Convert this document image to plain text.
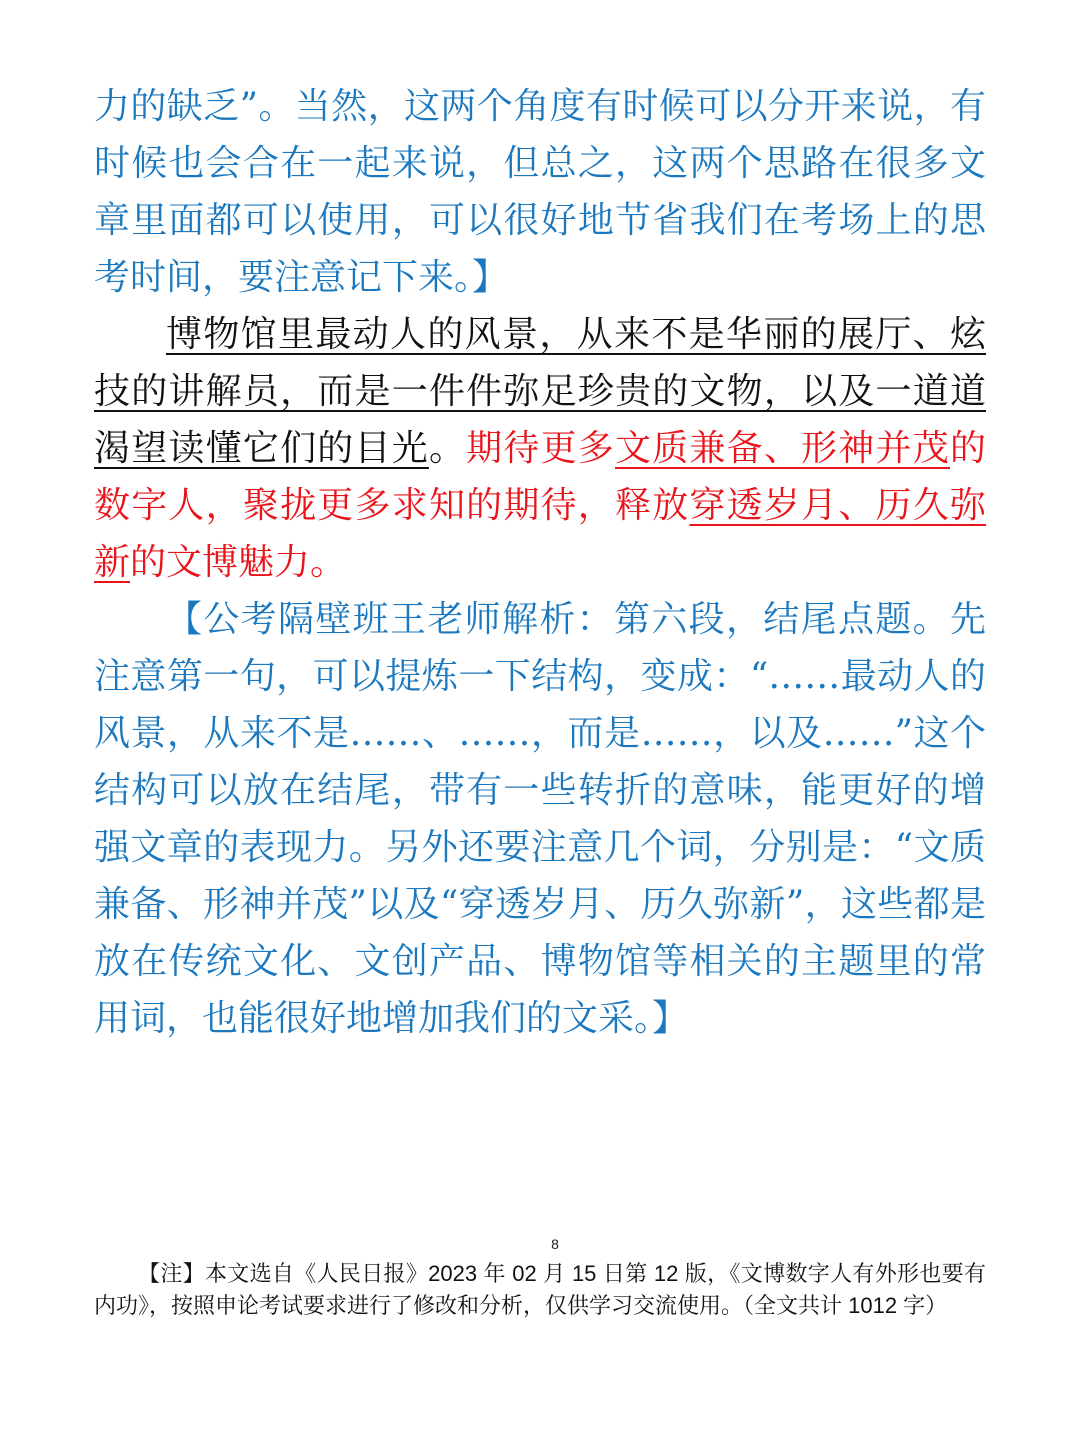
力的缺乏”。当然，这两个角度有时候可以分开来说，有时候也会合在一起来说，但总之，这两个思路在很多文章里面都可以使用，可以很好地节省我们在考场上的思考时间，要注意记下来。】

博物馆里最动人的风景，从来不是华丽的展厅、炫技的讲解员，而是一件件弥足珍贵的文物，以及一道道渴望读懂它们的目光。期待更多文质兼备、形神并茂的数字人，聚拢更多求知的期待，释放穿透岁月、历久弥新的文博魅力。

【公考隔壁班王老师解析：第六段，结尾点题。先注意第一句，可以提炼一下结构，变成：“……最动人的风景，从来不是……、……，而是……，以及……”这个结构可以放在结尾，带有一些转折的意味，能更好的增强文章的表现力。另外还要注意几个词，分别是：“文质兼备、形神并茂”以及“穿透岁月、历久弥新”，这些都是放在传统文化、文创产品、博物馆等相关的主题里的常用词，也能很好地增加我们的文采。】

8

【注】本文选自《人民日报》2023 年 02 月 15 日第 12 版，《文博数字人有外形也要有内功》，按照申论考试要求进行了修改和分析，仅供学习交流使用。（全文共计 1012 字）
